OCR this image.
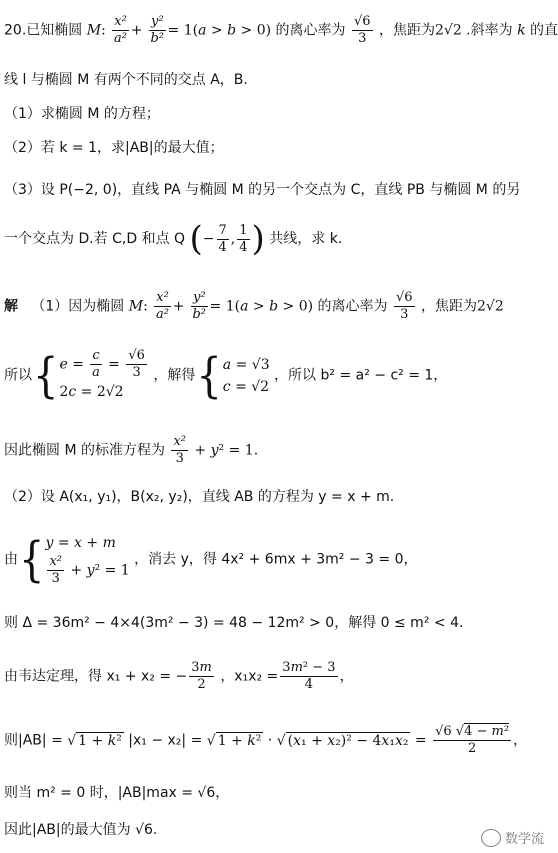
20.已知椭圆 M: $\frac{\text{x²}}{\text{a²}} + \frac{\text{y²}}{\text{b²}} = 1(a > b > 0)$ 的离心率为 $\frac{√6}{3}$ ，焦距为2√2 .斜率为 k 的直
线 l 与椭圆 M 有两个不同的交点 A，B.
（1）求椭圆 M 的方程；
（2）若 k = 1，求|AB|的最大值；
（3）设 P(−2, 0)，直线 PA 与椭圆 M 的另一个交点为 C，直线 PB 与椭圆 M 的另
一个交点为 D.若 C,D 和点 Q (− $\frac{7}{4}$ , $\frac{1}{4}$ ) 共线，求 k.
解 （1）因为椭圆 M: $\frac{\text{x²}}{\text{a²}} + \frac{\text{y²}}{\text{b²}} = 1(a > b > 0)$ 的离心率为 $\frac{√6}{3}$ ，焦距为2√2
所以{ $e = \frac{c}{a} = \frac{√6}{3}$
2c = 2√2
，解得{ a = √3
c = √2
，所以 b² = a² − c² = 1，
因此椭圆 M 的标准方程为 $\frac{\text{x²}}{3} + y^2 = 1$.
（2）设 A(x₁, y₁)，B(x₂, y₂)，直线 AB 的方程为 y = x + m.
由{ y = x + m
$\frac{\text{x²}}{3} + y^2 = 1$
，消去 y，得 4x² + 6mx + 3m² − 3 = 0，
则 Δ = 36m² − 4×4(3m² − 3) = 48 − 12m² > 0，解得 0 ≤ m² < 4.
由韦达定理，得 x₁ + x₂ = − $\frac{3m}{2}$ ，$x_1x_2 = \frac{\text{3m² − 3}}{4}$ ，
则|AB| = √ 1 + k² |x₁ − x₂| = √ 1 + k² · √ $(x_1 + x_2)^2 - 4x_1x_2 = \frac{\text{√6 √4 − m²}}{2}$ ，
则当 m² = 0 时，|AB|max = √6，
因此|AB|的最大值为 √6.
数学流
